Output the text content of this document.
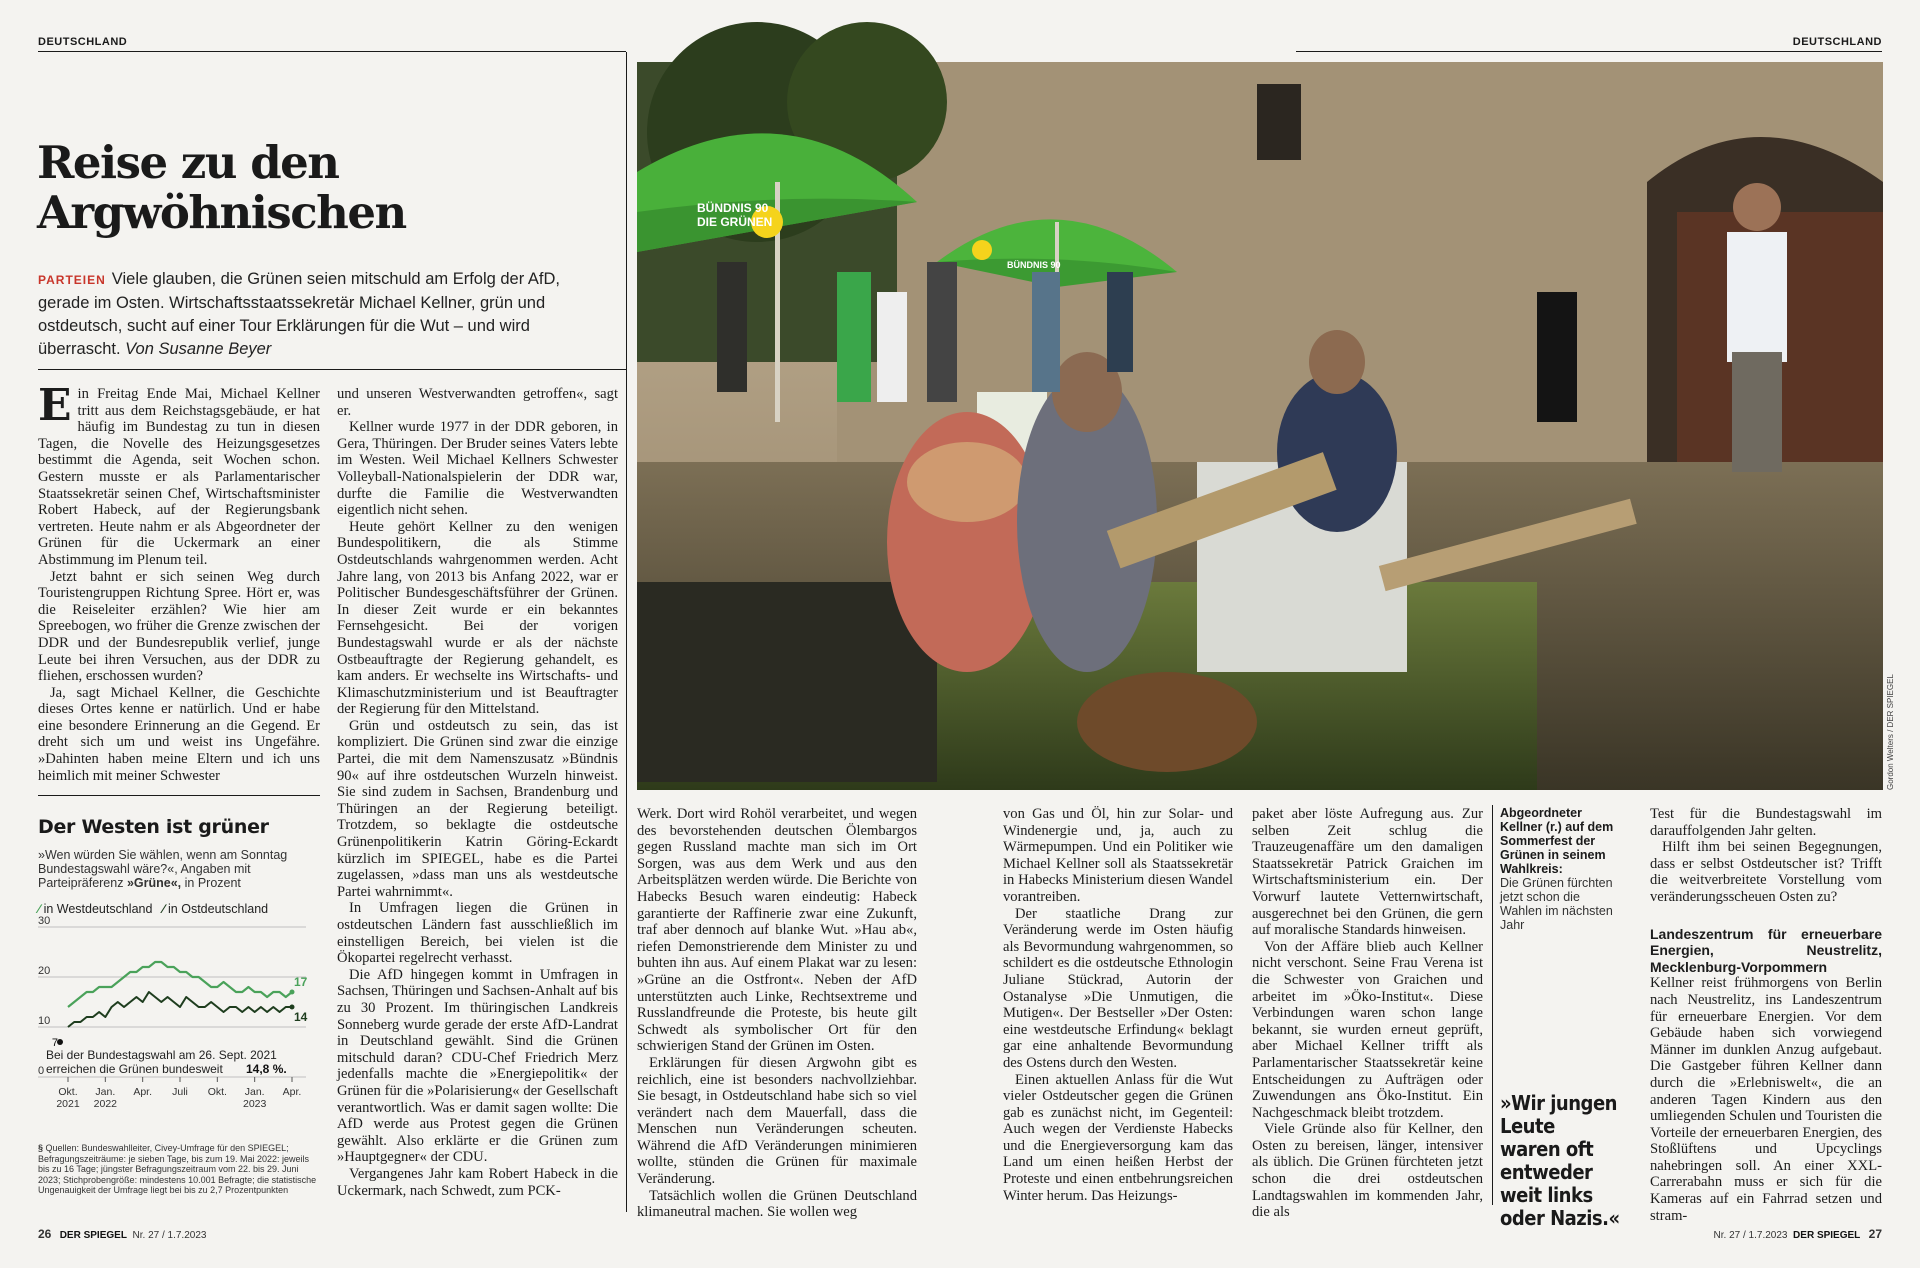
DEUTSCHLAND	DEUTSCHLAND
Reise zu den
Argwöhnischen
PARTEIEN Viele glauben, die Grünen seien mitschuld am Erfolg der AfD, gerade im Osten. Wirtschaftsstaatssekretär Michael Kellner, grün und ostdeutsch, sucht auf einer Tour Erklärungen für die Wut – und wird überrascht. Von Susanne Beyer

Ein Freitag Ende Mai, Michael Kellner tritt aus dem Reichstagsgebäude, er hat häufig im Bundestag zu tun in diesen Tagen, die Novelle des Heizungsgesetzes bestimmt die Agenda, seit Wochen schon. Gestern musste er als Parlamentarischer Staatssekretär seinen Chef, Wirtschaftsminister Robert Habeck, auf der Regierungsbank vertreten. Heute nahm er als Abgeordneter der Grünen für die Uckermark an einer Abstimmung im Plenum teil.

Jetzt bahnt er sich seinen Weg durch Touristengruppen Richtung Spree. Hört er, was die Reiseleiter erzählen? Wie hier am Spreebogen, wo früher die Grenze zwischen der DDR und der Bundesrepublik verlief, junge Leute bei ihren Versuchen, aus der DDR zu fliehen, erschossen wurden?

Ja, sagt Michael Kellner, die Geschichte dieses Ortes kenne er natürlich. Und er habe eine besondere Erinnerung an die Gegend. Er dreht sich um und weist ins Ungefähre. »Dahinten haben meine Eltern und ich uns heimlich mit meiner Schwester

Der Westen ist grüner
»Wen würden Sie wählen, wenn am Sonntag Bundestagswahl wäre?«, Angaben mit Parteipräferenz »Grüne«, in Prozent
∕ in Westdeutschland ∕ in Ostdeutschland
30
20
10
0
7
17
14
Bei der Bundestagswahl am 26. Sept. 2021
erreichen die Grünen bundesweit 14,8 %.
Okt.
2021
Jan.
2022
Apr. Juli Okt. Jan.
2023
Apr.
§ Quellen: Bundeswahlleiter, Civey-Umfrage für den SPIEGEL; Befragungszeiträume: je sieben Tage, bis zum 19. Mai 2022: jeweils bis zu 16 Tage; jüngster Befragungszeitraum vom 22. bis 29. Juni 2023; Stichprobengröße: mindestens 10.001 Befragte; die statistische Ungenauigkeit der Umfrage liegt bei bis zu 2,7 Prozentpunkten

und unseren Westverwandten getroffen«, sagt er.

Kellner wurde 1977 in der DDR geboren, in Gera, Thüringen. Der Bruder seines Vaters lebte im Westen. Weil Michael Kellners Schwester Volleyball-Nationalspielerin der DDR war, durfte die Familie die Westverwandten eigentlich nicht sehen.

Heute gehört Kellner zu den wenigen Bundespolitikern, die als Stimme Ostdeutschlands wahrgenommen werden. Acht Jahre lang, von 2013 bis Anfang 2022, war er Politischer Bundesgeschäftsführer der Grünen. In dieser Zeit wurde er ein bekanntes Fernsehgesicht. Bei der vorigen Bundestagswahl wurde er als der nächste Ostbeauftragte der Regierung gehandelt, es kam anders. Er wechselte ins Wirtschafts- und Klimaschutzministerium und ist Beauftragter der Regierung für den Mittelstand.

Grün und ostdeutsch zu sein, das ist kompliziert. Die Grünen sind zwar die einzige Partei, die mit dem Namenszusatz »Bündnis 90« auf ihre ostdeutschen Wurzeln hinweist. Sie sind zudem in Sachsen, Brandenburg und Thüringen an der Regierung beteiligt. Trotzdem, so beklagte die ostdeutsche Grünenpolitikerin Katrin Göring-Eckardt kürzlich im SPIEGEL, habe es die Partei zugelassen, »dass man uns als westdeutsche Partei wahrnimmt«.

In Umfragen liegen die Grünen in ostdeutschen Ländern fast ausschließlich im einstelligen Bereich, bei vielen ist die Ökopartei regelrecht verhasst.

Die AfD hingegen kommt in Umfragen in Sachsen, Thüringen und Sachsen-Anhalt auf bis zu 30 Prozent. Im thüringischen Landkreis Sonneberg wurde gerade der erste AfD-Landrat in Deutschland gewählt. Sind die Grünen mitschuld daran? CDU-Chef Friedrich Merz jedenfalls machte die »Energiepolitik« der Grünen für die »Polarisierung« der Gesellschaft verantwortlich. Was er damit sagen wollte: Die AfD werde aus Protest gegen die Grünen gewählt. Also erklärte er die Grünen zum »Hauptgegner« der CDU.

Vergangenes Jahr kam Robert Habeck in die Uckermark, nach Schwedt, zum PCK-

BÜNDNIS 90
DIE GRÜNEN
BÜNDNIS 90
Gordon Welters / DER SPIEGEL

Werk. Dort wird Rohöl verarbeitet, und wegen des bevorstehenden deutschen Ölembargos gegen Russland machte man sich im Ort Sorgen, was aus dem Werk und aus den Arbeitsplätzen werden würde. Die Berichte von Habecks Besuch waren eindeutig: Habeck garantierte der Raffinerie zwar eine Zukunft, traf aber dennoch auf blanke Wut. »Hau ab«, riefen Demonstrierende dem Minister zu und buhten ihn aus. Auf einem Plakat war zu lesen: »Grüne an die Ostfront«. Neben der AfD unterstützten auch Linke, Rechtsextreme und Russlandfreunde die Proteste, bis heute gilt Schwedt als symbolischer Ort für den schwierigen Stand der Grünen im Osten.

Erklärungen für diesen Argwohn gibt es reichlich, eine ist besonders nachvollziehbar. Sie besagt, in Ostdeutschland habe sich so viel verändert nach dem Mauerfall, dass die Menschen nun Veränderungen scheuten. Während die AfD Veränderungen minimieren wollte, stünden die Grünen für maximale Veränderung.

Tatsächlich wollen die Grünen Deutschland klimaneutral machen. Sie wollen weg

von Gas und Öl, hin zur Solar- und Windenergie und, ja, auch zu Wärmepumpen. Und ein Politiker wie Michael Kellner soll als Staatssekretär in Habecks Ministerium diesen Wandel vorantreiben.

Der staatliche Drang zur Veränderung werde im Osten häufig als Bevormundung wahrgenommen, so schildert es die ostdeutsche Ethnologin Juliane Stückrad, Autorin der Ostanalyse »Die Unmutigen, die Mutigen«. Der Bestseller »Der Osten: eine westdeutsche Erfindung« beklagt gar eine anhaltende Bevormundung des Ostens durch den Westen.

Einen aktuellen Anlass für die Wut vieler Ostdeutscher gegen die Grünen gab es zunächst nicht, im Gegenteil: Auch wegen der Verdienste Habecks und die Energieversorgung kam das Land um einen heißen Herbst der Proteste und einen entbehrungsreichen Winter herum. Das Heizungs-

paket aber löste Aufregung aus. Zur selben Zeit schlug die Trauzeugenaffäre um den damaligen Staatssekretär Patrick Graichen im Wirtschaftsministerium ein. Der Vorwurf lautete Vetternwirtschaft, ausgerechnet bei den Grünen, die gern auf moralische Standards hinweisen.

Von der Affäre blieb auch Kellner nicht verschont. Seine Frau Verena ist die Schwester von Graichen und arbeitet im »Öko-Institut«. Diese Verbindungen waren schon lange bekannt, sie wurden erneut geprüft, aber Michael Kellner trifft als Parlamentarischer Staatssekretär keine Entscheidungen zu Aufträgen oder Zuwendungen ans Öko-Institut. Ein Nachgeschmack bleibt trotzdem.

Viele Gründe also für Kellner, den Osten zu bereisen, länger, intensiver als üblich. Die Grünen fürchteten jetzt schon die drei ostdeutschen Landtagswahlen im kommenden Jahr, die als

Abgeordneter Kellner (r.) auf dem Sommerfest der Grünen in seinem Wahlkreis:
Die Grünen fürchten jetzt schon die Wahlen im nächsten Jahr
»Wir jungen Leute waren oft entweder weit links oder Nazis.«

Test für die Bundestagswahl im darauffolgenden Jahr gelten.

Hilft ihm bei seinen Begegnungen, dass er selbst Ostdeutscher ist? Trifft die weitverbreitete Vorstellung vom veränderungsscheuen Osten zu?

Landeszentrum für erneuerbare Energien, Neustrelitz, Mecklenburg-Vorpommern

Kellner reist frühmorgens von Berlin nach Neustrelitz, ins Landeszentrum für erneuerbare Energien. Vor dem Gebäude haben sich vorwiegend Männer im dunklen Anzug aufgebaut. Die Gastgeber führen Kellner dann durch die »Erlebniswelt«, die an anderen Tagen Kindern aus den umliegenden Schulen und Touristen die Vorteile der erneuerbaren Energien, des Stoßlüftens und Upcyclings nahebringen soll. An einer XXL-Carrerabahn muss er sich für die Kameras auf ein Fahrrad setzen und stram-

26 DER SPIEGEL Nr. 27 / 1.7.2023	Nr. 27 / 1.7.2023 DER SPIEGEL 27
